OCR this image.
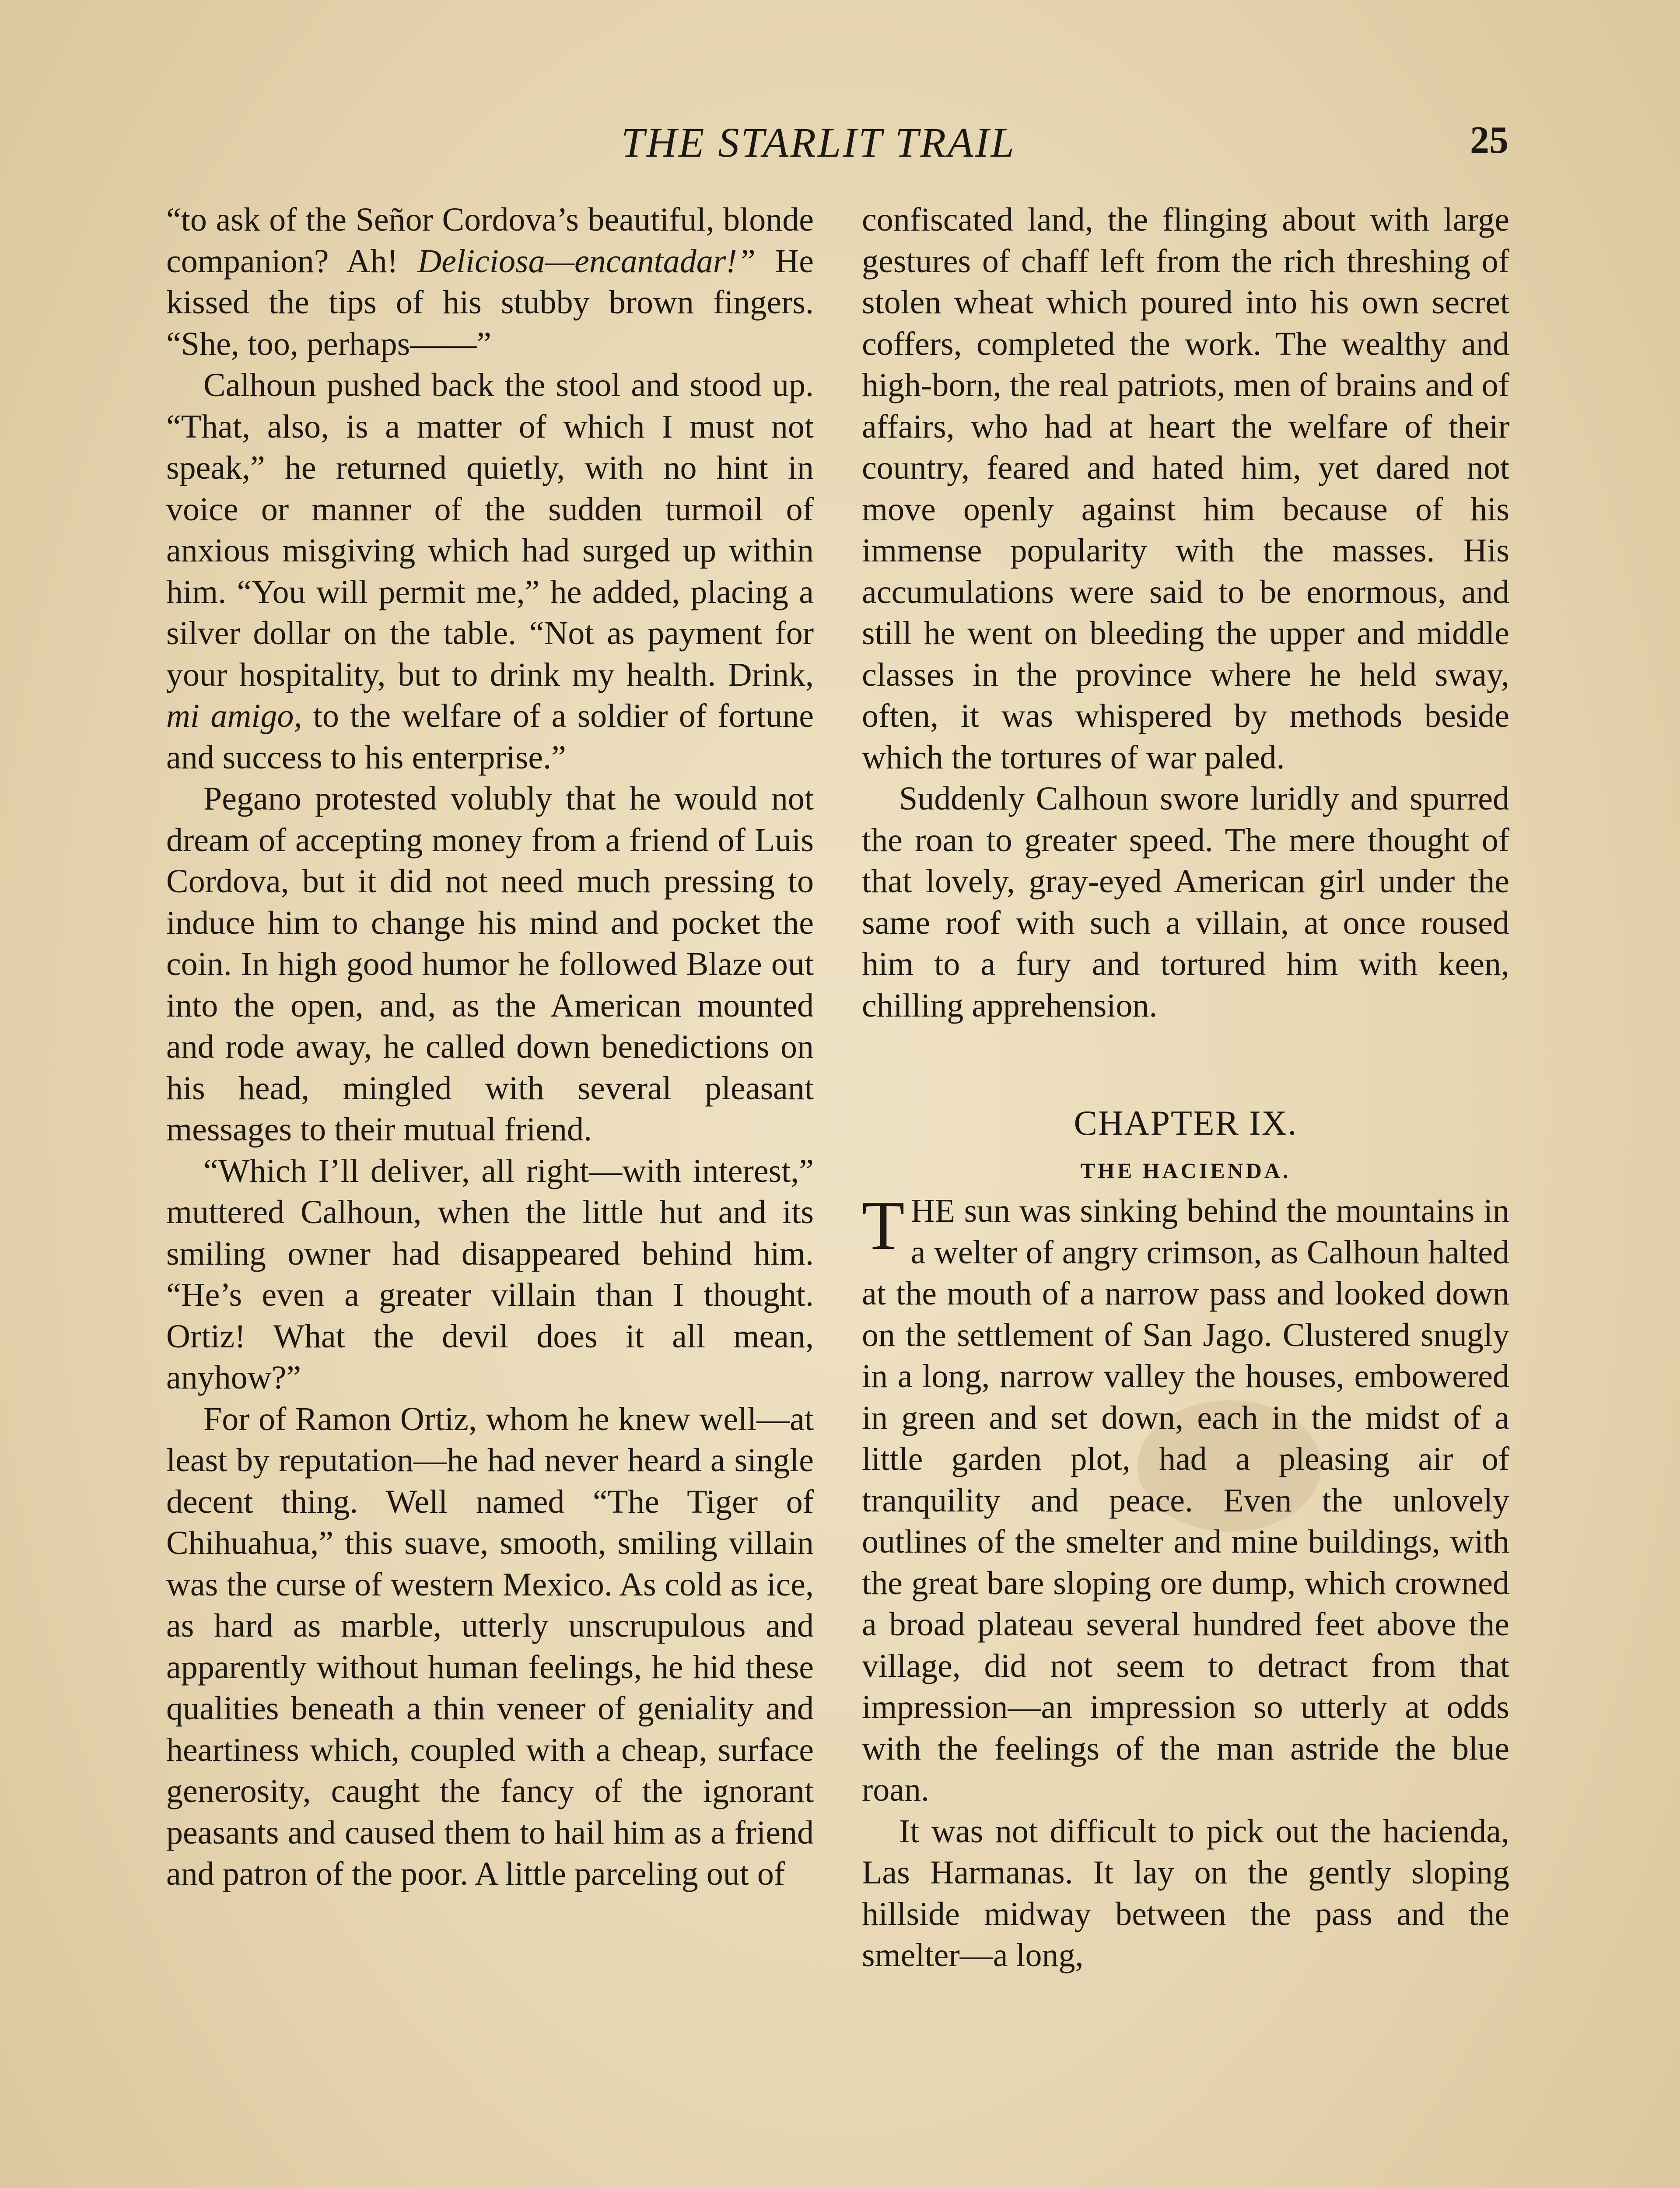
THE STARLIT TRAIL	25

“to ask of the Señor Cordova’s beautiful, blonde companion? Ah! Deliciosa—encantadar!” He kissed the tips of his stubby brown fingers. “She, too, perhaps——”

Calhoun pushed back the stool and stood up. “That, also, is a matter of which I must not speak,” he returned quietly, with no hint in voice or manner of the sudden turmoil of anxious misgiving which had surged up within him. “You will permit me,” he added, placing a silver dollar on the table. “Not as payment for your hospitality, but to drink my health. Drink, mi amigo, to the welfare of a soldier of fortune and success to his enterprise.”

Pegano protested volubly that he would not dream of accepting money from a friend of Luis Cordova, but it did not need much pressing to induce him to change his mind and pocket the coin. In high good humor he followed Blaze out into the open, and, as the American mounted and rode away, he called down benedictions on his head, mingled with several pleasant messages to their mutual friend.

“Which I’ll deliver, all right—with interest,” muttered Calhoun, when the little hut and its smiling owner had disappeared behind him. “He’s even a greater villain than I thought. Ortiz! What the devil does it all mean, anyhow?”

For of Ramon Ortiz, whom he knew well—at least by reputation—he had never heard a single decent thing. Well named “The Tiger of Chihuahua,” this suave, smooth, smiling villain was the curse of western Mexico. As cold as ice, as hard as marble, utterly unscrupulous and apparently without human feelings, he hid these qualities beneath a thin veneer of geniality and heartiness which, coupled with a cheap, surface generosity, caught the fancy of the ignorant peasants and caused them to hail him as a friend and patron of the poor. A little parceling out of

confiscated land, the flinging about with large gestures of chaff left from the rich threshing of stolen wheat which poured into his own secret coffers, completed the work. The wealthy and high-born, the real patriots, men of brains and of affairs, who had at heart the welfare of their country, feared and hated him, yet dared not move openly against him because of his immense popularity with the masses. His accumulations were said to be enormous, and still he went on bleeding the upper and middle classes in the province where he held sway, often, it was whispered by methods beside which the tortures of war paled.

Suddenly Calhoun swore luridly and spurred the roan to greater speed. The mere thought of that lovely, gray-eyed American girl under the same roof with such a villain, at once roused him to a fury and tortured him with keen, chilling apprehension.

CHAPTER IX.
THE HACIENDA.

THE sun was sinking behind the mountains in a welter of angry crimson, as Calhoun halted at the mouth of a narrow pass and looked down on the settlement of San Jago. Clustered snugly in a long, narrow valley the houses, embowered in green and set down, each in the midst of a little garden plot, had a pleasing air of tranquility and peace. Even the unlovely outlines of the smelter and mine buildings, with the great bare sloping ore dump, which crowned a broad plateau several hundred feet above the village, did not seem to detract from that impression—an impression so utterly at odds with the feelings of the man astride the blue roan.

It was not difficult to pick out the hacienda, Las Harmanas. It lay on the gently sloping hillside midway between the pass and the smelter—a long,
